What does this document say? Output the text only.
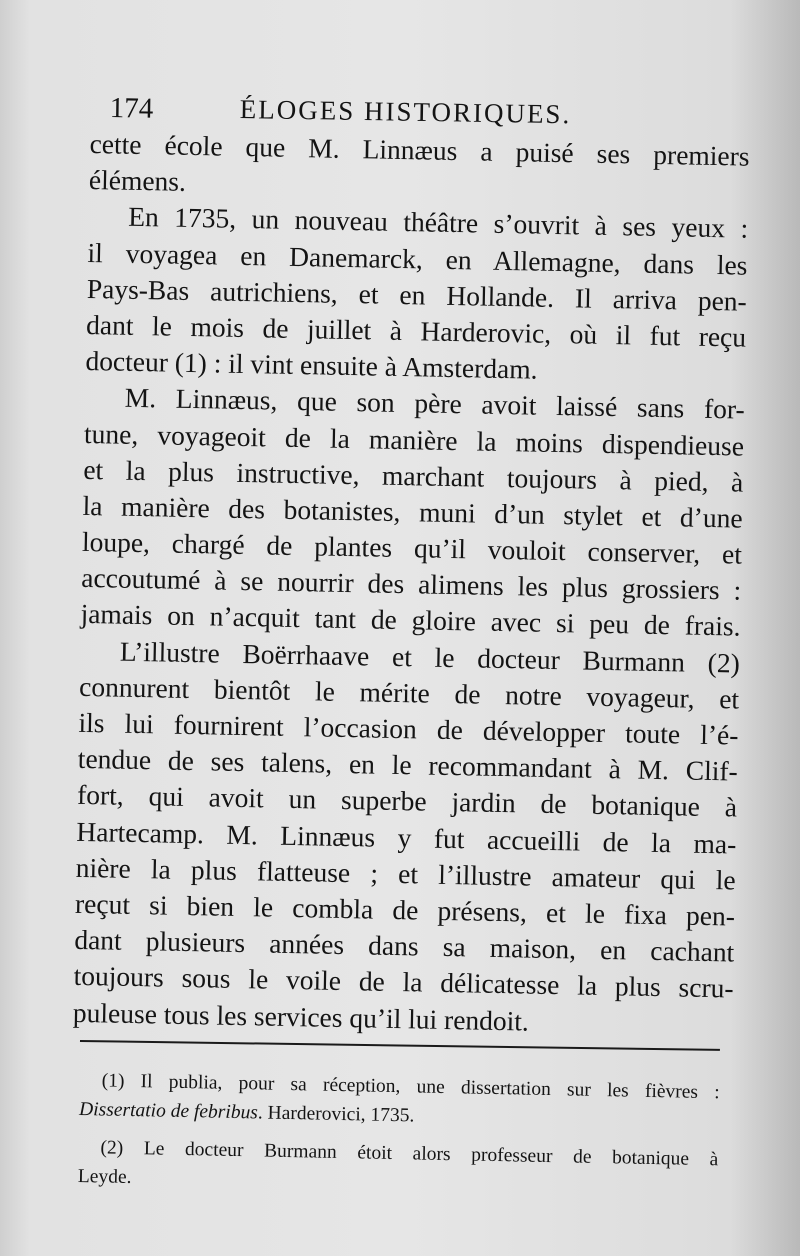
174	ÉLOGES HISTORIQUES.
cette école que M. Linnæus a puisé ses premiers
élémens.
En 1735, un nouveau théâtre s’ouvrit à ses yeux :
il voyagea en Danemarck, en Allemagne, dans les
Pays-Bas autrichiens, et en Hollande. Il arriva pen-
dant le mois de juillet à Harderovic, où il fut reçu
docteur (1) : il vint ensuite à Amsterdam.
M. Linnæus, que son père avoit laissé sans for-
tune, voyageoit de la manière la moins dispendieuse
et la plus instructive, marchant toujours à pied, à
la manière des botanistes, muni d’un stylet et d’une
loupe, chargé de plantes qu’il vouloit conserver, et
accoutumé à se nourrir des alimens les plus grossiers :
jamais on n’acquit tant de gloire avec si peu de frais.
L’illustre Boërrhaave et le docteur Burmann (2)
connurent bientôt le mérite de notre voyageur, et
ils lui fournirent l’occasion de développer toute l’é-
tendue de ses talens, en le recommandant à M. Clif-
fort, qui avoit un superbe jardin de botanique à
Hartecamp. M. Linnæus y fut accueilli de la ma-
nière la plus flatteuse ; et l’illustre amateur qui le
reçut si bien le combla de présens, et le fixa pen-
dant plusieurs années dans sa maison, en cachant
toujours sous le voile de la délicatesse la plus scru-
puleuse tous les services qu’il lui rendoit.
(1) Il publia, pour sa réception, une dissertation sur les fièvres :
Dissertatio de febribus. Harderovici, 1735.
(2) Le docteur Burmann étoit alors professeur de botanique à
Leyde.
